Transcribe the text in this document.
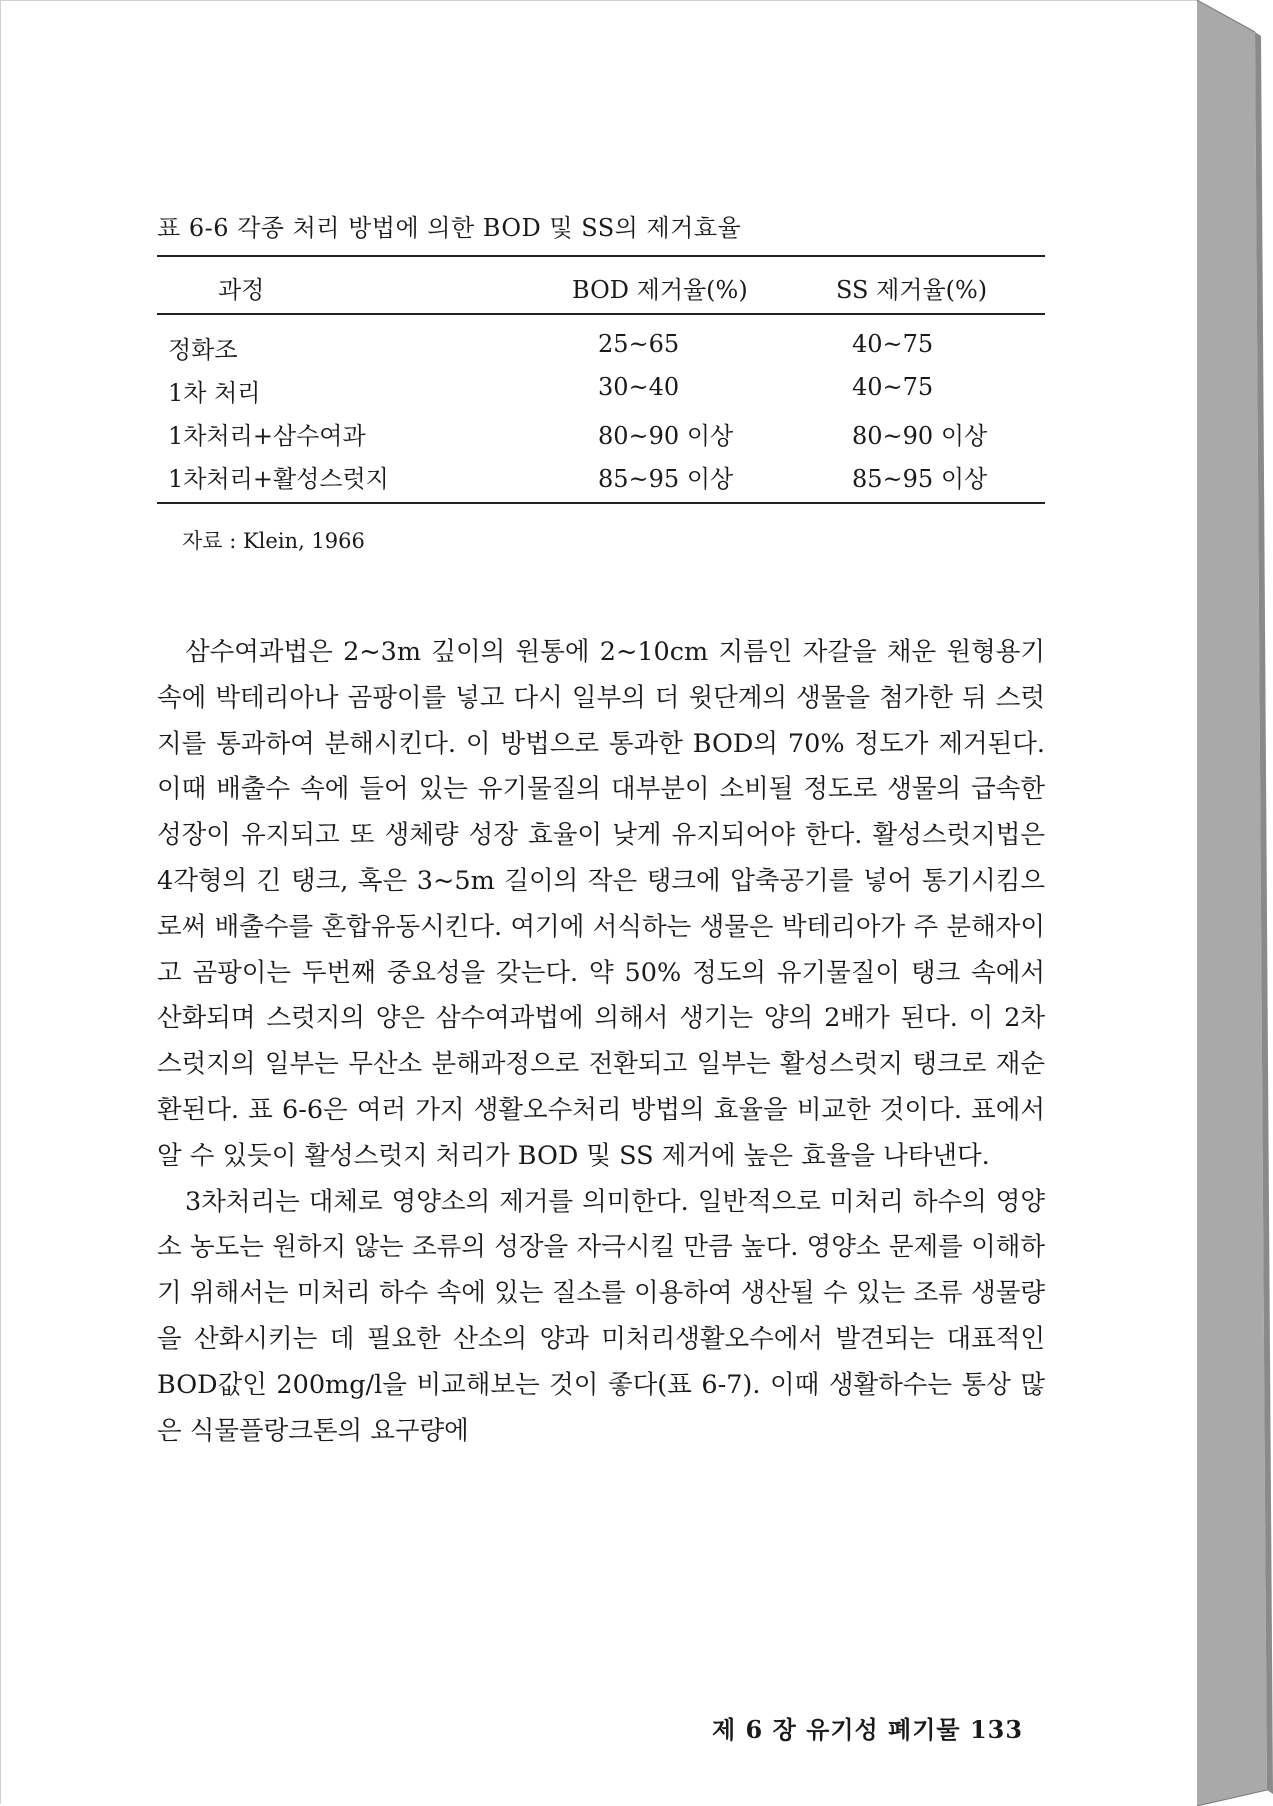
표 6-6 각종 처리 방법에 의한 BOD 및 SS의 제거효율
과정	BOD 제거율(%)	SS 제거율(%)
정화조	25~65	40~75
1차 처리	30~40	40~75
1차처리+삼수여과	80~90 이상	80~90 이상
1차처리+활성스럿지	85~95 이상	85~95 이상
자료 : Klein, 1966

삼수여과법은 2~3m 깊이의 원통에 2~10cm 지름인 자갈을 채운 원형용기 속에 박테리아나 곰팡이를 넣고 다시 일부의 더 윗단계의 생물을 첨가한 뒤 스럿지를 통과하여 분해시킨다. 이 방법으로 통과한 BOD의 70% 정도가 제거된다. 이때 배출수 속에 들어 있는 유기물질의 대부분이 소비될 정도로 생물의 급속한 성장이 유지되고 또 생체량 성장 효율이 낮게 유지되어야 한다. 활성스럿지법은 4각형의 긴 탱크, 혹은 3~5m 길이의 작은 탱크에 압축공기를 넣어 통기시킴으로써 배출수를 혼합유동시킨다. 여기에 서식하는 생물은 박테리아가 주 분해자이고 곰팡이는 두번째 중요성을 갖는다. 약 50% 정도의 유기물질이 탱크 속에서 산화되며 스럿지의 양은 삼수여과법에 의해서 생기는 양의 2배가 된다. 이 2차 스럿지의 일부는 무산소 분해과정으로 전환되고 일부는 활성스럿지 탱크로 재순환된다. 표 6-6은 여러 가지 생활오수처리 방법의 효율을 비교한 것이다. 표에서 알 수 있듯이 활성스럿지 처리가 BOD 및 SS 제거에 높은 효율을 나타낸다.

3차처리는 대체로 영양소의 제거를 의미한다. 일반적으로 미처리 하수의 영양소 농도는 원하지 않는 조류의 성장을 자극시킬 만큼 높다. 영양소 문제를 이해하기 위해서는 미처리 하수 속에 있는 질소를 이용하여 생산될 수 있는 조류 생물량을 산화시키는 데 필요한 산소의 양과 미처리생활오수에서 발견되는 대표적인 BOD값인 200mg/l을 비교해보는 것이 좋다(표 6-7). 이때 생활하수는 통상 많은 식물플랑크톤의 요구량에

제 6 장 유기성 폐기물 133
